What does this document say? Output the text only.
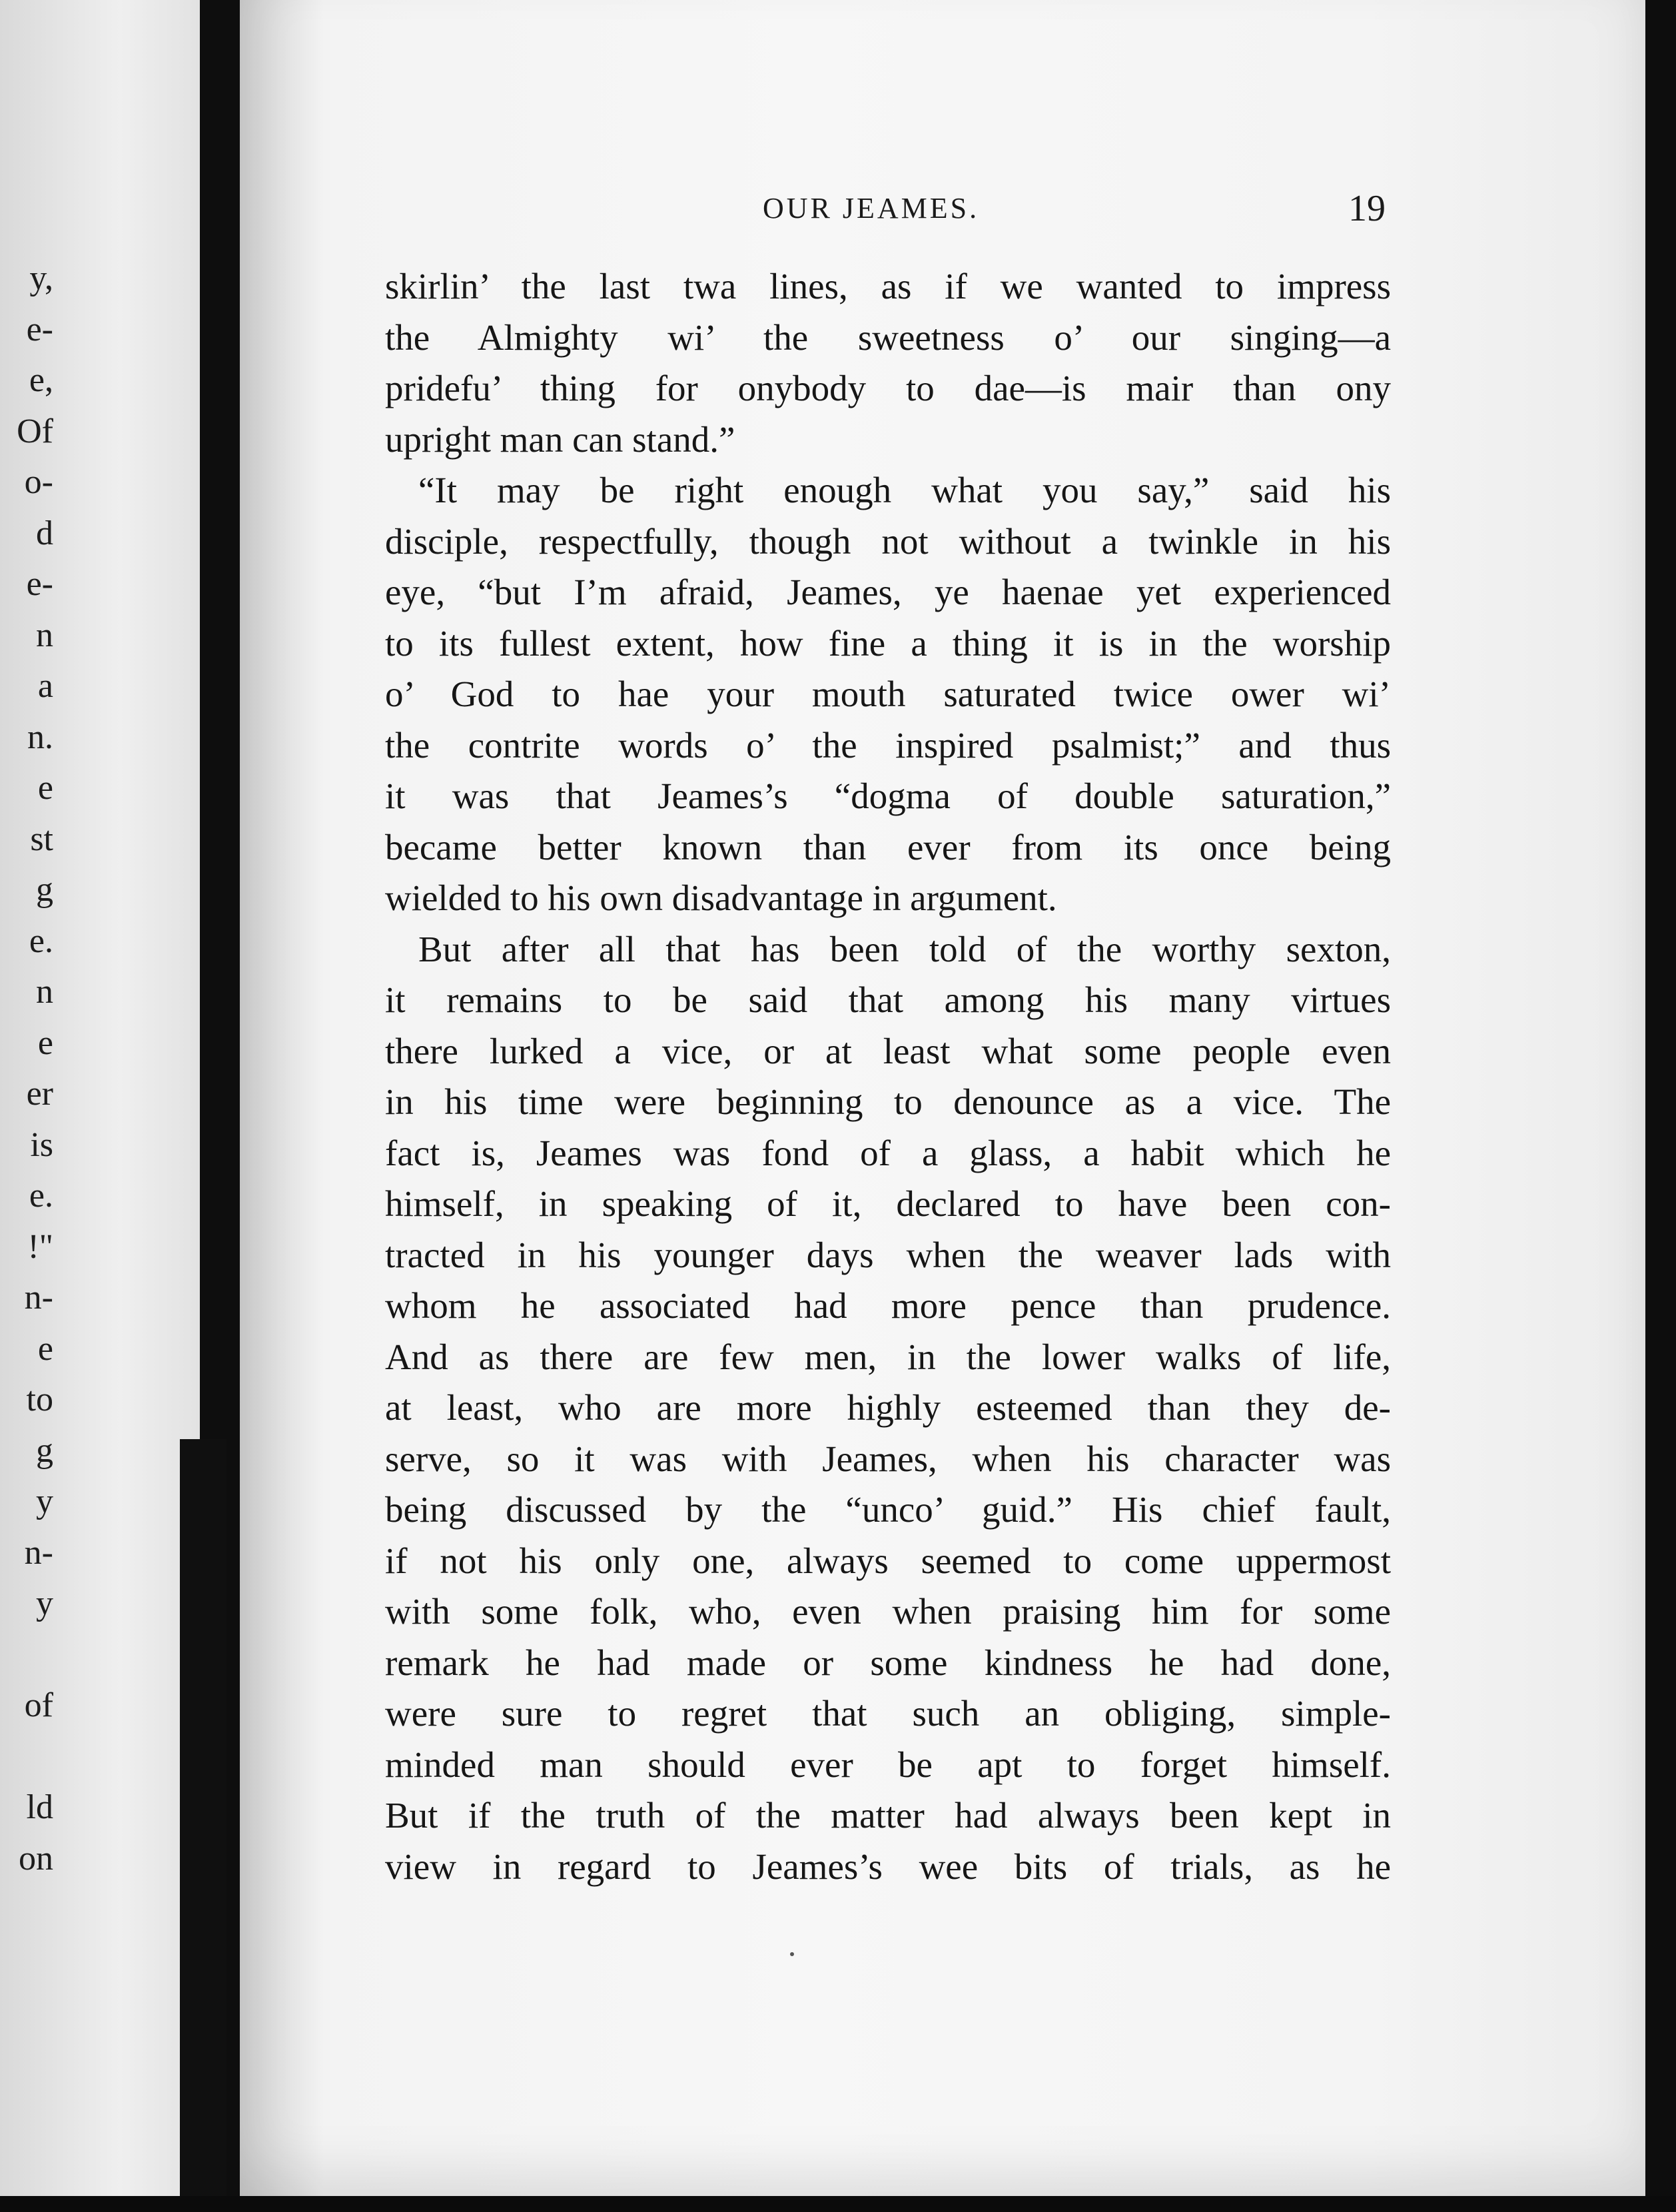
y,
e-
e,
Of
o-
d
e-
n
a
n.
e
st
g
e.
n
e
er
is
e.
!"
n-
e
to
g
y
n-
y
of
ld
on
OUR JEAMES.	19
skirlin’ the last twa lines, as if we wanted to impress
the Almighty wi’ the sweetness o’ our singing—a
pridefu’ thing for onybody to dae—is mair than ony
upright man can stand.”
“It may be right enough what you say,” said his
disciple, respectfully, though not without a twinkle in his
eye, “but I’m afraid, Jeames, ye haenae yet experienced
to its fullest extent, how fine a thing it is in the worship
o’ God to hae your mouth saturated twice ower wi’
the contrite words o’ the inspired psalmist;” and thus
it was that Jeames’s “dogma of double saturation,”
became better known than ever from its once being
wielded to his own disadvantage in argument.
But after all that has been told of the worthy sexton,
it remains to be said that among his many virtues
there lurked a vice, or at least what some people even
in his time were beginning to denounce as a vice. The
fact is, Jeames was fond of a glass, a habit which he
himself, in speaking of it, declared to have been con-
tracted in his younger days when the weaver lads with
whom he associated had more pence than prudence.
And as there are few men, in the lower walks of life,
at least, who are more highly esteemed than they de-
serve, so it was with Jeames, when his character was
being discussed by the “unco’ guid.” His chief fault,
if not his only one, always seemed to come uppermost
with some folk, who, even when praising him for some
remark he had made or some kindness he had done,
were sure to regret that such an obliging, simple-
minded man should ever be apt to forget himself.
But if the truth of the matter had always been kept in
view in regard to Jeames’s wee bits of trials, as he
